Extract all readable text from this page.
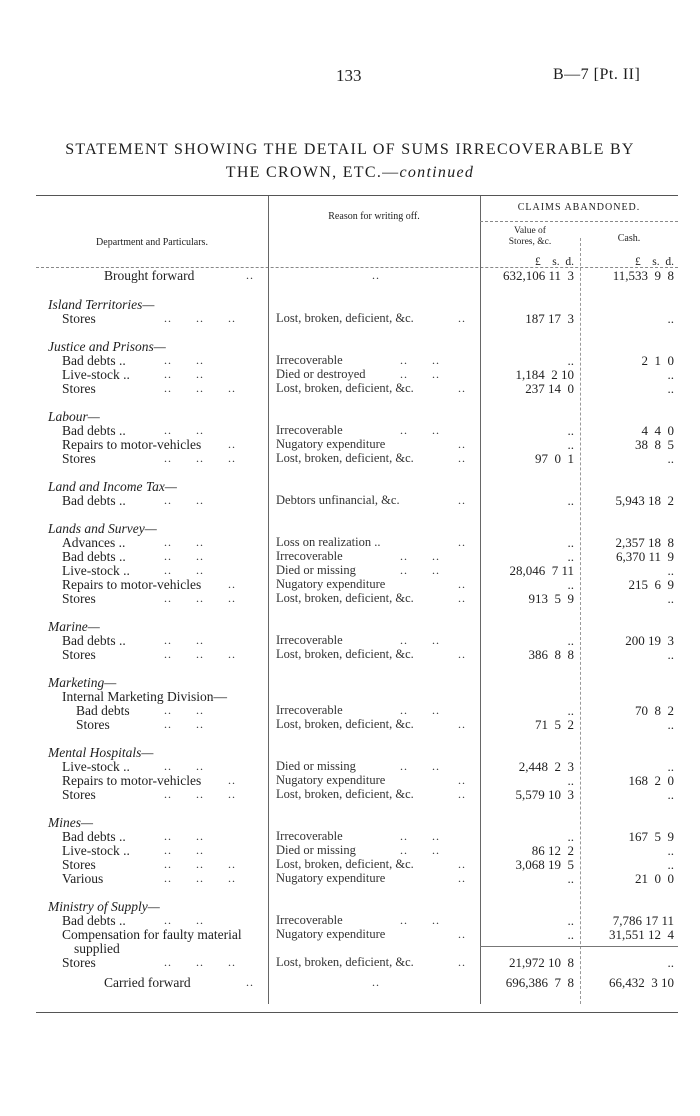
133	B—7 [Pt. II]
STATEMENT SHOWING THE DETAIL OF SUMS IRRECOVERABLE BY
THE CROWN, ETC.—continued
Department and Particulars.
Reason for writing off.
CLAIMS ABANDONED.
Value of
Stores, &c.	Cash.
£    s.  d.	£    s.  d.
Brought forward	..	..	632,106 11  3	11,533  9  8
Island Territories—
Stores	..      ..      ..	Lost, broken, deficient, &c.	..	187 17  3	..
Justice and Prisons—
Bad debts ..	..      ..	Irrecoverable	..      ..	..	2  1  0
Live-stock ..	..      ..	Died or destroyed	..      ..	1,184  2 10	..
Stores	..      ..      ..	Lost, broken, deficient, &c.	..	237 14  0	..
Labour—
Bad debts ..	..      ..	Irrecoverable	..      ..	..	4  4  0
Repairs to motor-vehicles ..	Nugatory expenditure	..	..	38  8  5
Stores	..      ..      ..	Lost, broken, deficient, &c.	..	97  0  1	..
Land and Income Tax—
Bad debts ..	..      ..	Debtors unfinancial, &c.	..	..	5,943 18  2
Lands and Survey—
Advances ..	..      ..	Loss on realization ..	..	..	2,357 18  8
Bad debts ..	..      ..	Irrecoverable	..      ..	..	6,370 11  9
Live-stock ..	..      ..	Died or missing	..      ..	28,046  7 11	..
Repairs to motor-vehicles ..	Nugatory expenditure	..	..	215  6  9
Stores	..      ..      ..	Lost, broken, deficient, &c.	..	913  5  9	..
Marine—
Bad debts ..	..      ..	Irrecoverable	..      ..	..	200 19  3
Stores	..      ..      ..	Lost, broken, deficient, &c.	..	386  8  8	..
Marketing—
Internal Marketing Division—
Bad debts	..      ..	Irrecoverable	..      ..	..	70  8  2
Stores	..      ..	Lost, broken, deficient, &c.	..	71  5  2	..
Mental Hospitals—
Live-stock ..	..      ..	Died or missing	..      ..	2,448  2  3	..
Repairs to motor-vehicles ..	Nugatory expenditure	..	..	168  2  0
Stores	..      ..      ..	Lost, broken, deficient, &c.	..	5,579 10  3	..
Mines—
Bad debts ..	..      ..	Irrecoverable	..      ..	..	167  5  9
Live-stock ..	..      ..	Died or missing	..      ..	86 12  2	..
Stores	..      ..      ..	Lost, broken, deficient, &c.	..	3,068 19  5	..
Various	..      ..      ..	Nugatory expenditure	..	..	21  0  0
Ministry of Supply—
Bad debts ..	..      ..	Irrecoverable	..      ..	..	7,786 17 11
Compensation for faulty material	Nugatory expenditure	..	..	31,551 12  4
supplied
Stores	..      ..      ..	Lost, broken, deficient, &c.	..	21,972 10  8	..
Carried forward	..	..	696,386  7  8	66,432  3 10
